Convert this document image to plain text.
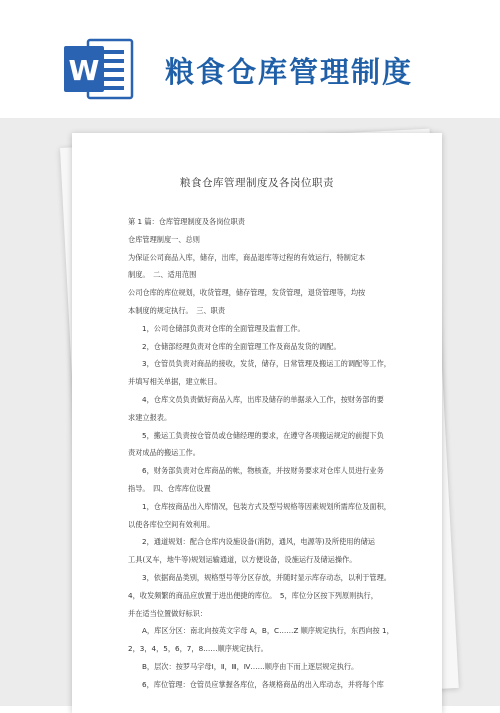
W 粮食仓库管理制度
粮食仓库管理制度及各岗位职责
第 1 篇：仓库管理制度及各岗位职责
仓库管理制度一、总则
为保证公司商品入库，储存，出库，商品退库等过程的有效运行，特制定本
制度。　二、适用范围
公司仓库的库位规划，收货管理，储存管理，发货管理，退货管理等，均按
本制度的规定执行。　三、职责
1，公司仓储部负责对仓库的全面管理及监督工作。
2，仓储部经理负责对仓库的全面管理工作及商品发货的调配。
3，仓管员负责对商品的接收，发货，储存，日常管理及搬运工的调配等工作，
并填写相关单据，建立帐目。
4，仓库文员负责做好商品入库，出库及储存的单据录入工作，按财务部的要
求建立报表。
5，搬运工负责按仓管员或仓储经理的要求，在遵守各项搬运规定的前提下负
责对成品的搬运工作。
6，财务部负责对仓库商品的帐，物核查，并按财务要求对仓库人员进行业务
指导。　四、仓库库位设置
1，仓库按商品出入库情况，包装方式及型号规格等因素规划所需库位及面积，
以使各库位空间有效利用。
2，通道规划：配合仓库内设施设备(消防，通风，电源等)及所使用的储运
工具(叉车，地牛等)规划运输通道，以方便设备，设施运行及储运操作。
3，依据商品类别，规格型号等分区存放，并随时显示库存动态，以利于管理。
4，收发频繁的商品应放置于进出便捷的库位。　5，库位分区按下列原则执行，
并在适当位置做好标识：
A，库区分区：南北向按英文字母 A，B，C……Z 顺序规定执行，东西向按 1，
2，3，4，5，6，7，8……顺序规定执行。
B，层次：按罗马字母Ⅰ，Ⅱ，Ⅲ，Ⅳ……顺序由下而上逐层规定执行。
6，库位管理：仓管员应掌握各库位，各规格商品的出入库动态，并将每个库
